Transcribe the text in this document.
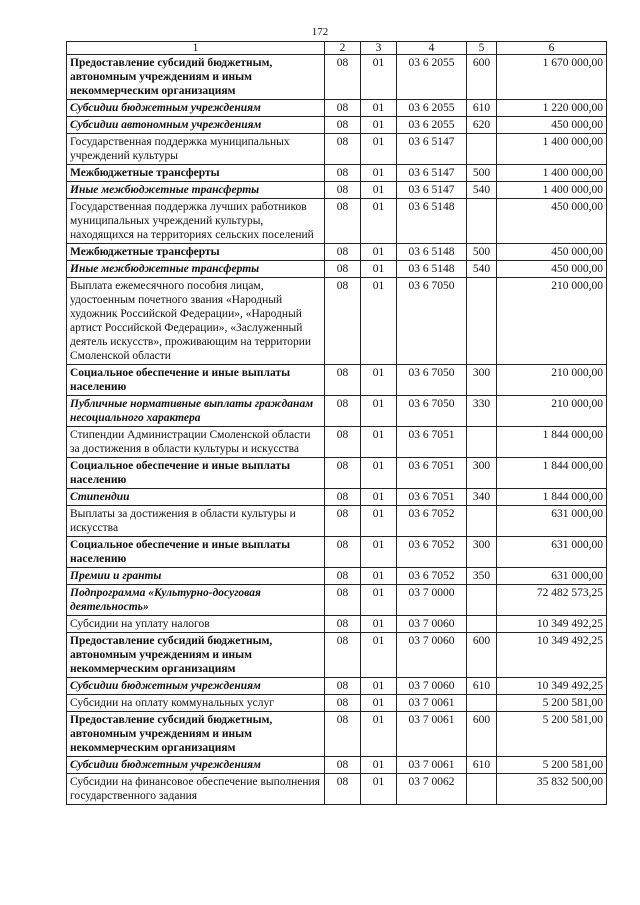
172
1	2	3	4	5	6
Предоставление субсидий бюджетным, автономным учреждениям и иным некоммерческим организациям	08	01	03 6 2055	600	1 670 000,00
Субсидии бюджетным учреждениям	08	01	03 6 2055	610	1 220 000,00
Субсидии автономным учреждениям	08	01	03 6 2055	620	450 000,00
Государственная поддержка муниципальных учреждений культуры	08	01	03 6 5147		1 400 000,00
Межбюджетные трансферты	08	01	03 6 5147	500	1 400 000,00
Иные межбюджетные трансферты	08	01	03 6 5147	540	1 400 000,00
Государственная поддержка лучших работников муниципальных учреждений культуры, находящихся на территориях сельских поселений	08	01	03 6 5148		450 000,00
Межбюджетные трансферты	08	01	03 6 5148	500	450 000,00
Иные межбюджетные трансферты	08	01	03 6 5148	540	450 000,00
Выплата ежемесячного пособия лицам, удостоенным почетного звания «Народный художник Российской Федерации», «Народный артист Российской Федерации», «Заслуженный деятель искусств», проживающим на территории Смоленской области	08	01	03 6 7050		210 000,00
Социальное обеспечение и иные выплаты населению	08	01	03 6 7050	300	210 000,00
Публичные нормативные выплаты гражданам несоциального характера	08	01	03 6 7050	330	210 000,00
Стипендии Администрации Смоленской области за достижения в области культуры и искусства	08	01	03 6 7051		1 844 000,00
Социальное обеспечение и иные выплаты населению	08	01	03 6 7051	300	1 844 000,00
Стипендии	08	01	03 6 7051	340	1 844 000,00
Выплаты за достижения в области культуры и искусства	08	01	03 6 7052		631 000,00
Социальное обеспечение и иные выплаты населению	08	01	03 6 7052	300	631 000,00
Премии и гранты	08	01	03 6 7052	350	631 000,00
Подпрограмма «Культурно-досуговая деятельность»	08	01	03 7 0000		72 482 573,25
Субсидии на уплату налогов	08	01	03 7 0060		10 349 492,25
Предоставление субсидий бюджетным, автономным учреждениям и иным некоммерческим организациям	08	01	03 7 0060	600	10 349 492,25
Субсидии бюджетным учреждениям	08	01	03 7 0060	610	10 349 492,25
Субсидии на оплату коммунальных услуг	08	01	03 7 0061		5 200 581,00
Предоставление субсидий бюджетным, автономным учреждениям и иным некоммерческим организациям	08	01	03 7 0061	600	5 200 581,00
Субсидии бюджетным учреждениям	08	01	03 7 0061	610	5 200 581,00
Субсидии на финансовое обеспечение выполнения государственного задания	08	01	03 7 0062		35 832 500,00
